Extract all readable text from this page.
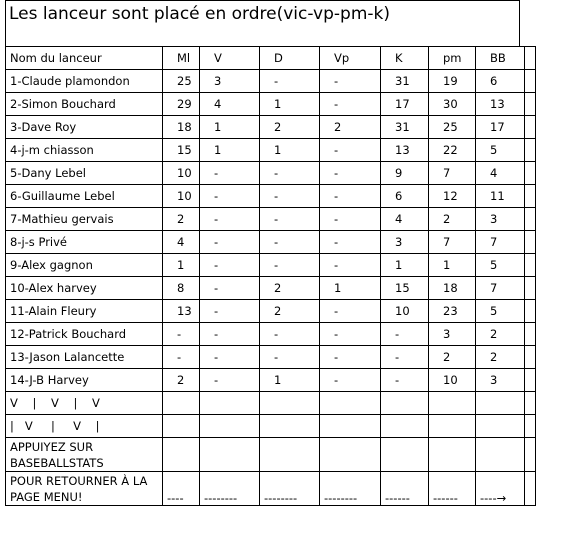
Les lanceur sont placé en ordre(vic-vp-pm-k)
Nom du lanceur	Ml	V	D	Vp	K	pm	BB	
1-Claude plamondon	25	3	-	-	31	19	6	
2-Simon Bouchard	29	4	1	-	17	30	13	
3-Dave Roy	18	1	2	2	31	25	17	
4-j-m chiasson	15	1	1	-	13	22	5	
5-Dany Lebel	10	-	-	-	9	7	4	
6-Guillaume Lebel	10	-	-	-	6	12	11	
7-Mathieu gervais	2	-	-	-	4	2	3	
8-j-s Privé	4	-	-	-	3	7	7	
9-Alex gagnon	1	-	-	-	1	1	5	
10-Alex harvey	8	-	2	1	15	18	7	
11-Alain Fleury	13	-	2	-	10	23	5	
12-Patrick Bouchard	-	-	-	-	-	3	2	
13-Jason Lalancette	-	-	-	-	-	2	2	
14-J-B Harvey	2	-	1	-	-	10	3	
V    |    V    |    V								
|   V     |     V    |								
APPUIYEZ SUR BASEBALLSTATS								
POUR RETOURNER À LA PAGE MENU!	----	--------	--------	--------	------	------	----→	
